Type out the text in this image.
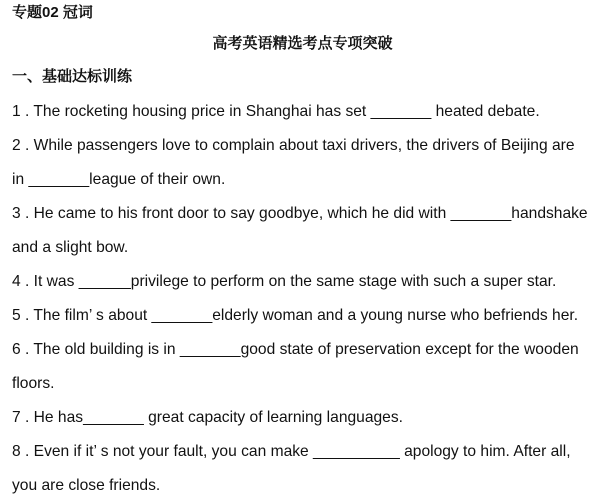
专题02 冠词
高考英语精选考点专项突破
一、基础达标训练
1 . The rocketing housing price in Shanghai has set _______ heated debate.
2 . While passengers love to complain about taxi drivers, the drivers of Beijing are
in _______league of their own.
3 . He came to his front door to say goodbye, which he did with _______handshake
and a slight bow.
4 . It was ______privilege to perform on the same stage with such a super star.
5 . The film’ s about _______elderly woman and a young nurse who befriends her.
6 . The old building is in _______good state of preservation except for the wooden
floors.
7 . He has_______ great capacity of learning languages.
8 . Even if it’ s not your fault, you can make __________ apology to him. After all,
you are close friends.
